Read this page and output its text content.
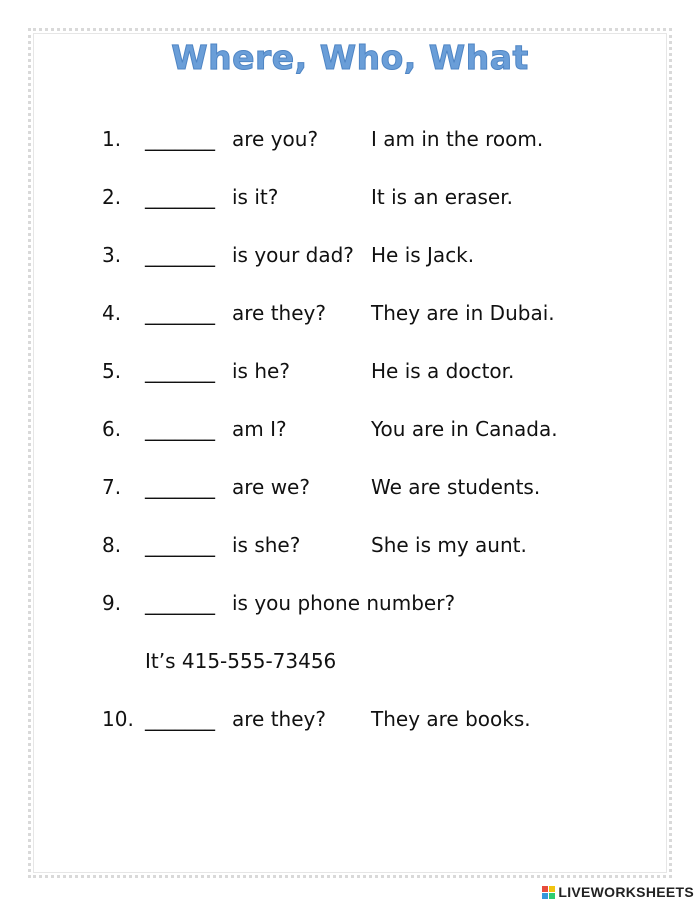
Where, Who, What
1. _______ are you?	I am in the room.
2. _______ is it?	It is an eraser.
3. _______ is your dad? He is Jack.
4. _______ are they? They are in Dubai.
5. _______ is he?	He is a doctor.
6. _______ am I?	You are in Canada.
7. _______ are we?	We are students.
8. _______ is she?	She is my aunt.
9. _______ is you phone number?
It’s 415-555-73456
10. _______ are they? They are books.
LIVEWORKSHEETS
